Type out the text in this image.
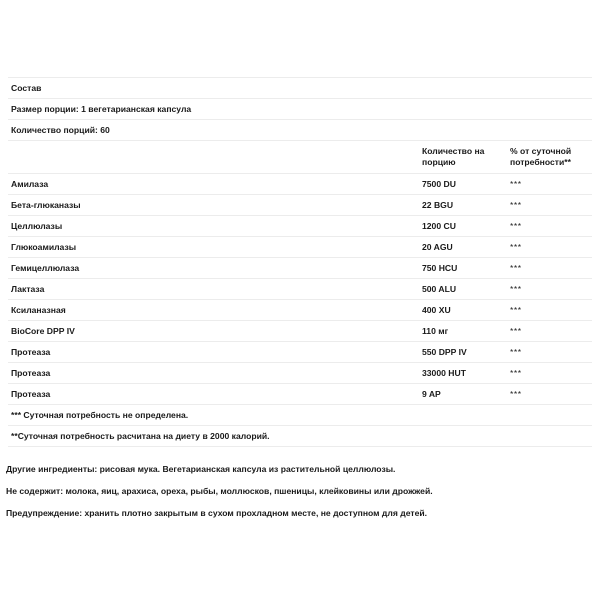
Состав
Размер порции: 1 вегетарианская капсула
Количество порций: 60
Количество на порцию
% от суточной потребности**
Амилаза	7500 DU	***
Бета-глюканазы	22 BGU	***
Целлюлазы	1200 CU	***
Глюкоамилазы	20 AGU	***
Гемицеллюлаза	750 HCU	***
Лактаза	500 ALU	***
Ксиланазная	400 XU	***
BioCore DPP IV	110 мг	***
Протеаза	550 DPP IV	***
Протеаза	33000 HUT	***
Протеаза	9 AP	***
*** Суточная потребность не определена.
**Суточная потребность расчитана на диету в 2000 калорий.
Другие ингредиенты: рисовая мука. Вегетарианская капсула из растительной целлюлозы.
Не содержит: молока, яиц, арахиса, ореха, рыбы, моллюсков, пшеницы, клейковины или дрожжей.
Предупреждение: хранить плотно закрытым в сухом прохладном месте, не доступном для детей.
